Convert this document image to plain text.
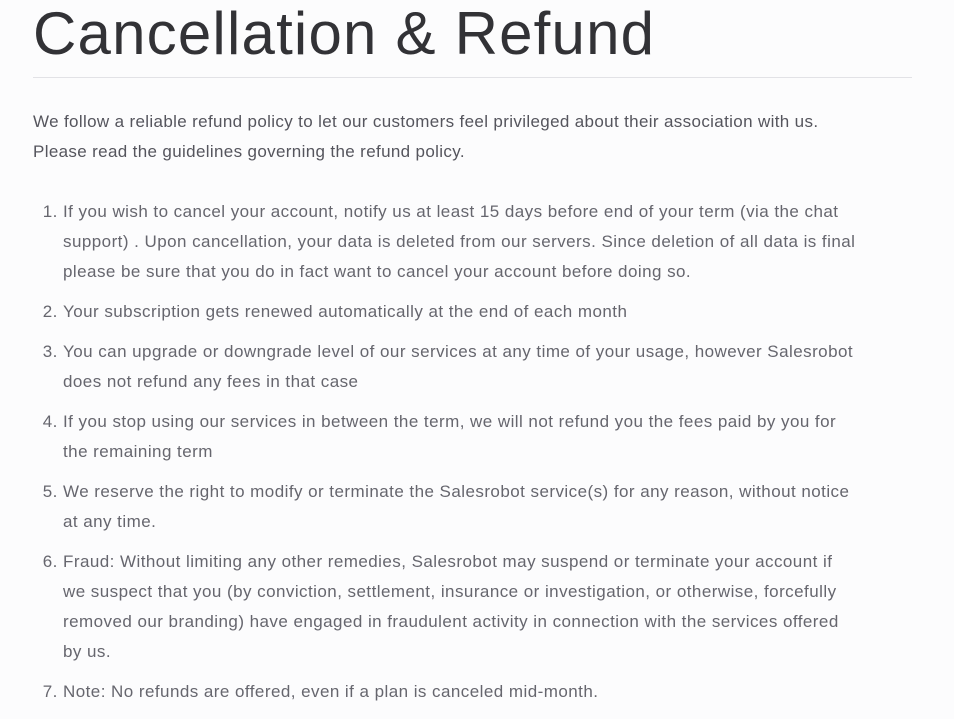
Cancellation & Refund
We follow a reliable refund policy to let our customers feel privileged about their association with us.
Please read the guidelines governing the refund policy.
1. If you wish to cancel your account, notify us at least 15 days before end of your term (via the chat
support) . Upon cancellation, your data is deleted from our servers. Since deletion of all data is final
please be sure that you do in fact want to cancel your account before doing so.
2. Your subscription gets renewed automatically at the end of each month
3. You can upgrade or downgrade level of our services at any time of your usage, however Salesrobot
does not refund any fees in that case
4. If you stop using our services in between the term, we will not refund you the fees paid by you for
the remaining term
5. We reserve the right to modify or terminate the Salesrobot service(s) for any reason, without notice
at any time.
6. Fraud: Without limiting any other remedies, Salesrobot may suspend or terminate your account if
we suspect that you (by conviction, settlement, insurance or investigation, or otherwise, forcefully
removed our branding) have engaged in fraudulent activity in connection with the services offered
by us.
7. Note: No refunds are offered, even if a plan is canceled mid-month.
